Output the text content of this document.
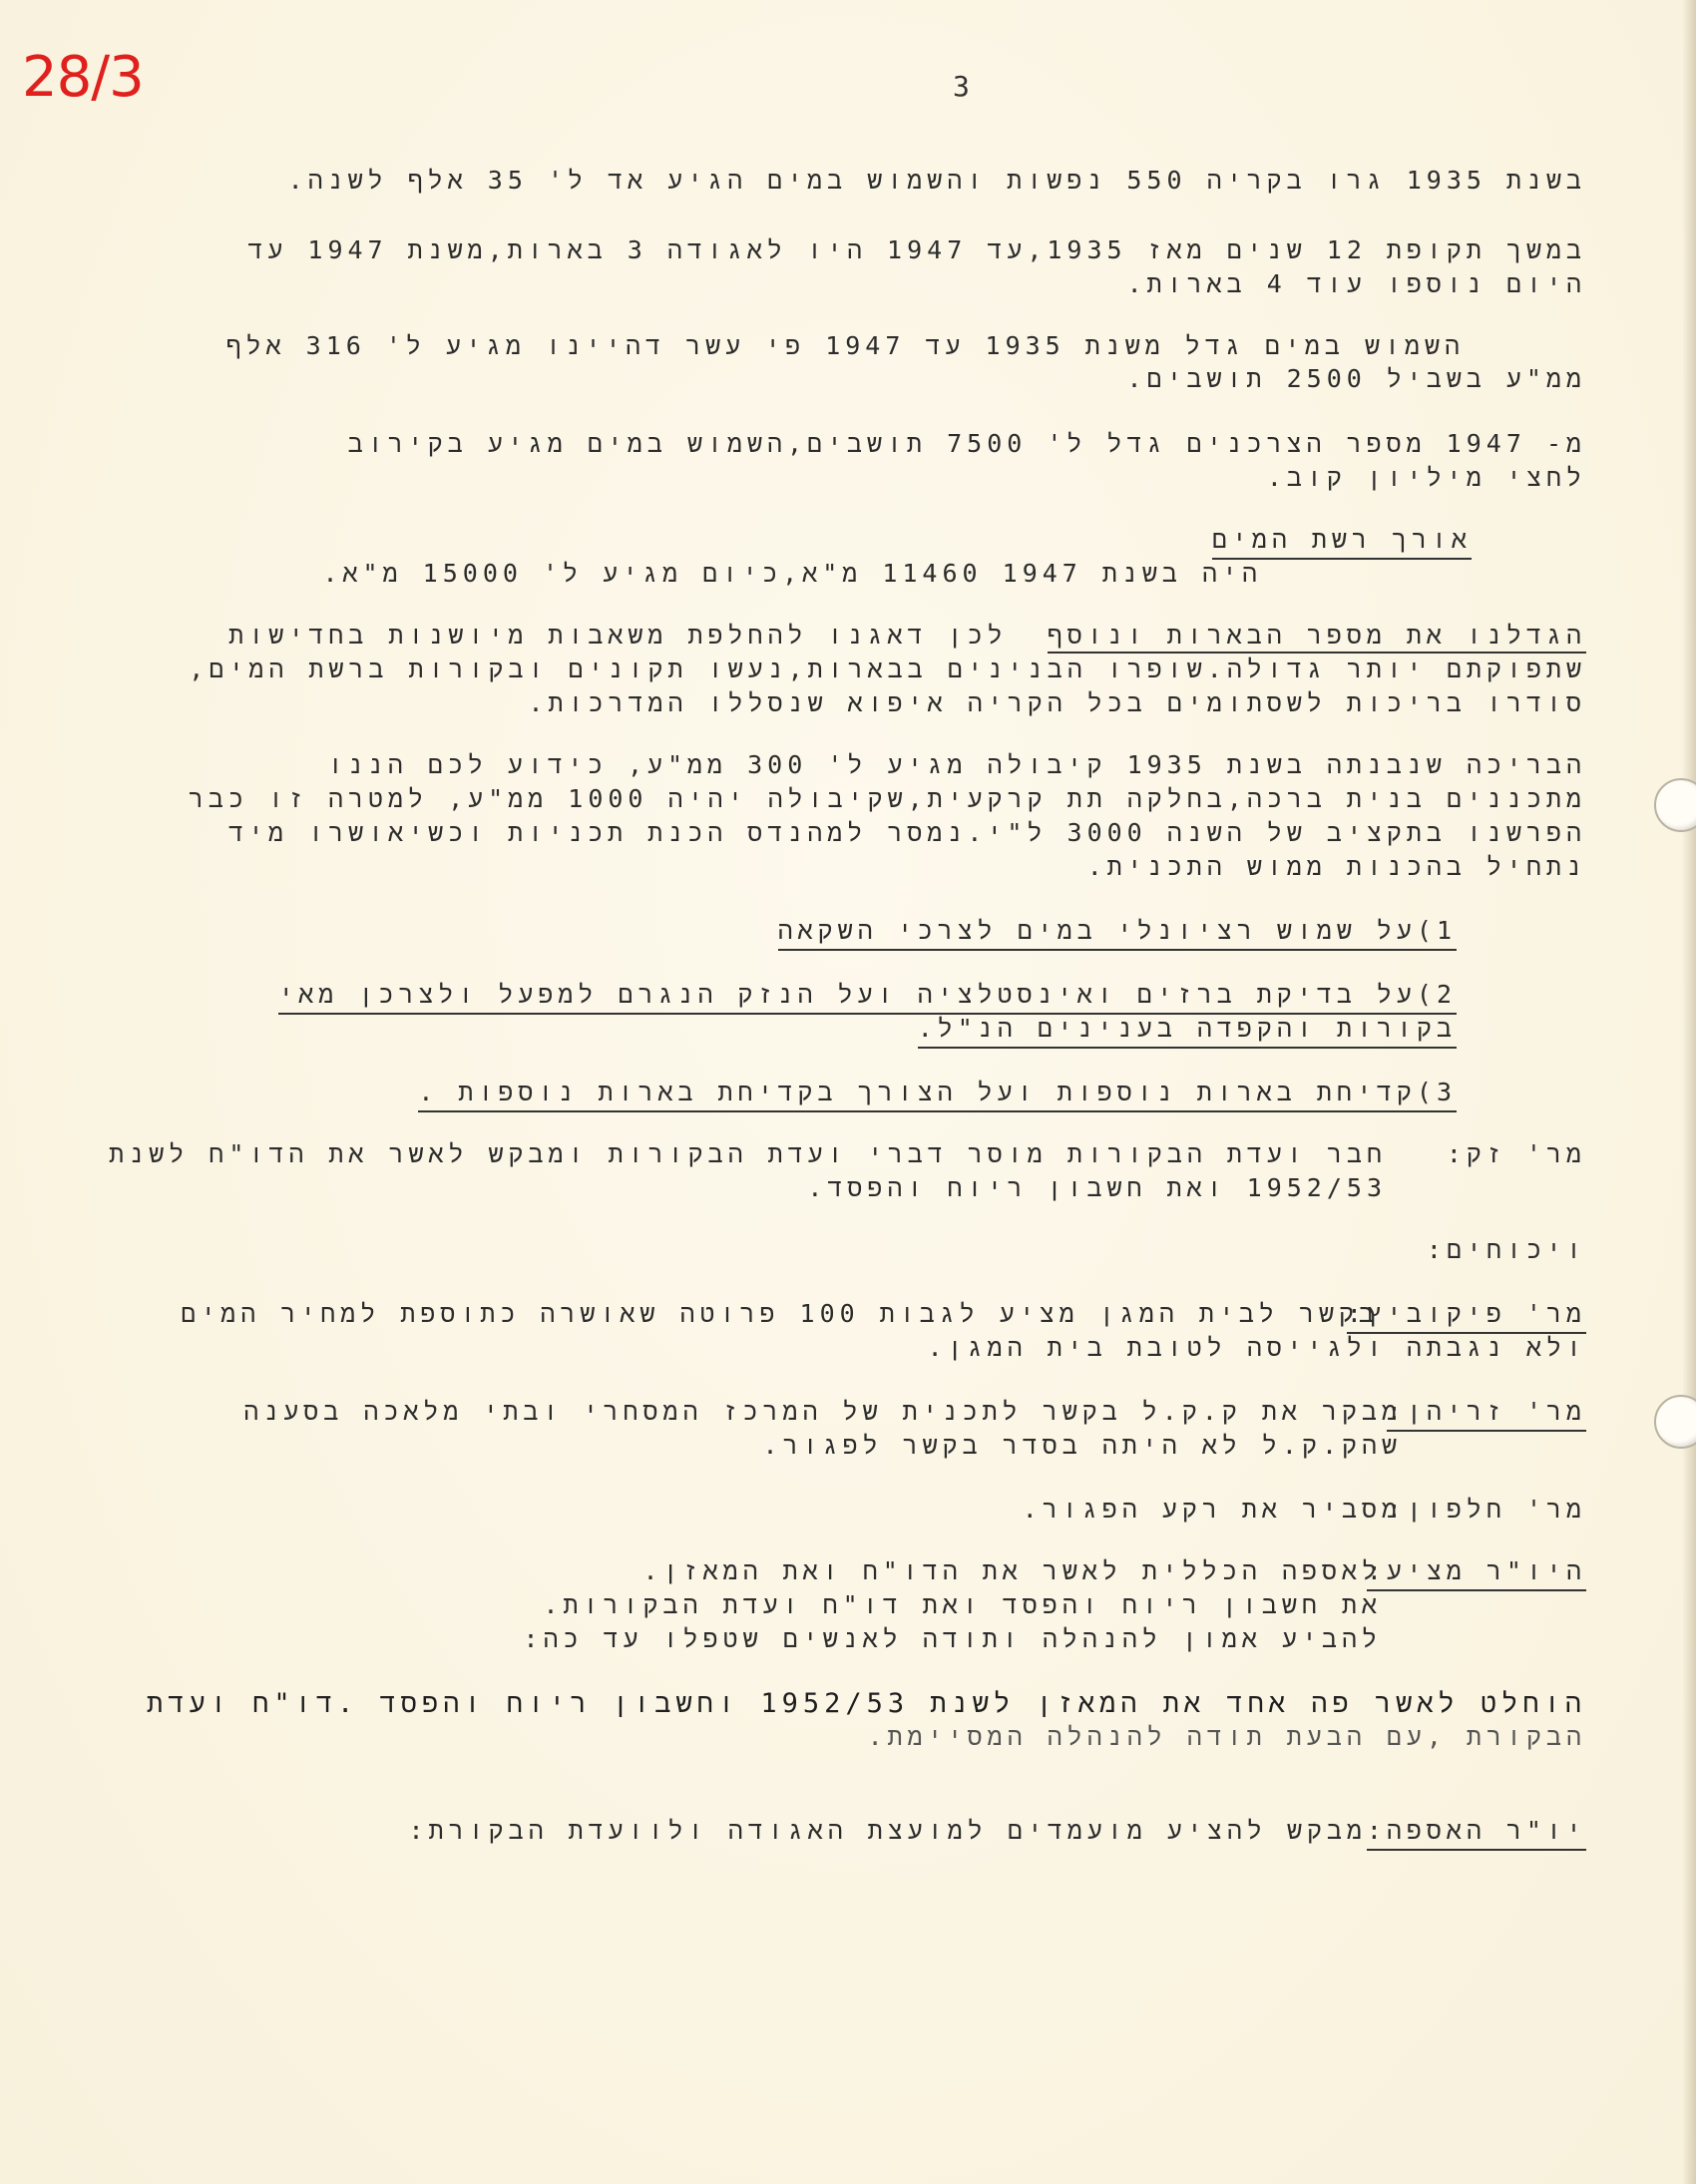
28/3	3
בשנת 1935 גרו בקריה 550 נפשות והשמוש במים הגיע אד ל' 35 אלף לשנה.
במשך תקופת 12 שנים מאז 1935,עד 1947 היו לאגודה 3 בארות,משנת 1947 עד
היום נוספו עוד 4 בארות.
השמוש במים גדל משנת 1935 עד 1947 פי עשר דהיינו מגיע ל' 316 אלף
ממ"ע בשביל 2500 תושבים.
מ- 1947 מספר הצרכנים גדל ל' 7500 תושבים,השמוש במים מגיע בקירוב
לחצי מיליון קוב.
אורך רשת המים
היה בשנת 1947 11460 מ"א,כיום מגיע ל' 15000 מ"א.
הגדלנו את מספר הבארות ונוסף  לכן דאגנו להחלפת משאבות מיושנות בחדישות
שתפוקתם יותר גדולה.שופרו הבנינים בבארות,נעשו תקונים ובקורות ברשת המים,
סודרו בריכות לשסתומים בכל הקריה איפוא שנסללו המדרכות.
הבריכה שנבנתה בשנת 1935 קיבולה מגיע ל' 300 ממ"ע, כידוע לכם הננו
מתכננים בנית ברכה,בחלקה תת קרקעית,שקיבולה יהיה 1000 ממ"ע, למטרה זו כבר
הפרשנו בתקציב של השנה 3000 ל"י.נמסר למהנדס הכנת תכניות וכשיאושרו מיד
נתחיל בהכנות ממוש התכנית.
1)על שמוש רציונלי במים לצרכי השקאה
2)על בדיקת ברזים ואינסטלציה ועל הנזק הנגרם למפעל ולצרכן מאי
בקורות והקפדה בענינים הנ"ל.
3)קדיחת בארות נוספות ועל הצורך בקדיחת בארות נוספות .
מר' זק:
חבר ועדת הבקורות מוסר דברי ועדת הבקורות ומבקש לאשר את הדו"ח לשנת
1952/53 ואת חשבון ריוח והפסד.
ויכוחים:
מר' פיקוביץ:
בקשר לבית המגן מציע לגבות 100 פרוטה שאושרה כתוספת למחיר המים
ולא נגבתה ולגייסה לטובת בית המגן.
מר' זריהן:
מבקר את ק.ק.ל בקשר לתכנית של המרכז המסחרי ובתי מלאכה בסענה
שהק.ק.ל לא היתה בסדר בקשר לפגור.
מר' חלפון:
מסביר את רקע הפגור.
היו"ר מציע:
לאספה הכללית לאשר את הדו"ח ואת המאזן.
את חשבון ריוח והפסד ואת דו"ח ועדת הבקורות.
להביע אמון להנהלה ותודה לאנשים שטפלו עד כה:
הוחלט לאשר פה אחד את המאזן לשנת 1952/53 וחשבון ריוח והפסד .דו"ח ועדת
הבקורת ,עם הבעת תודה להנהלה המסיימת.
יו"ר האספה:
מבקש להציע מועמדים למועצת האגודה ולוועדת הבקורת:
